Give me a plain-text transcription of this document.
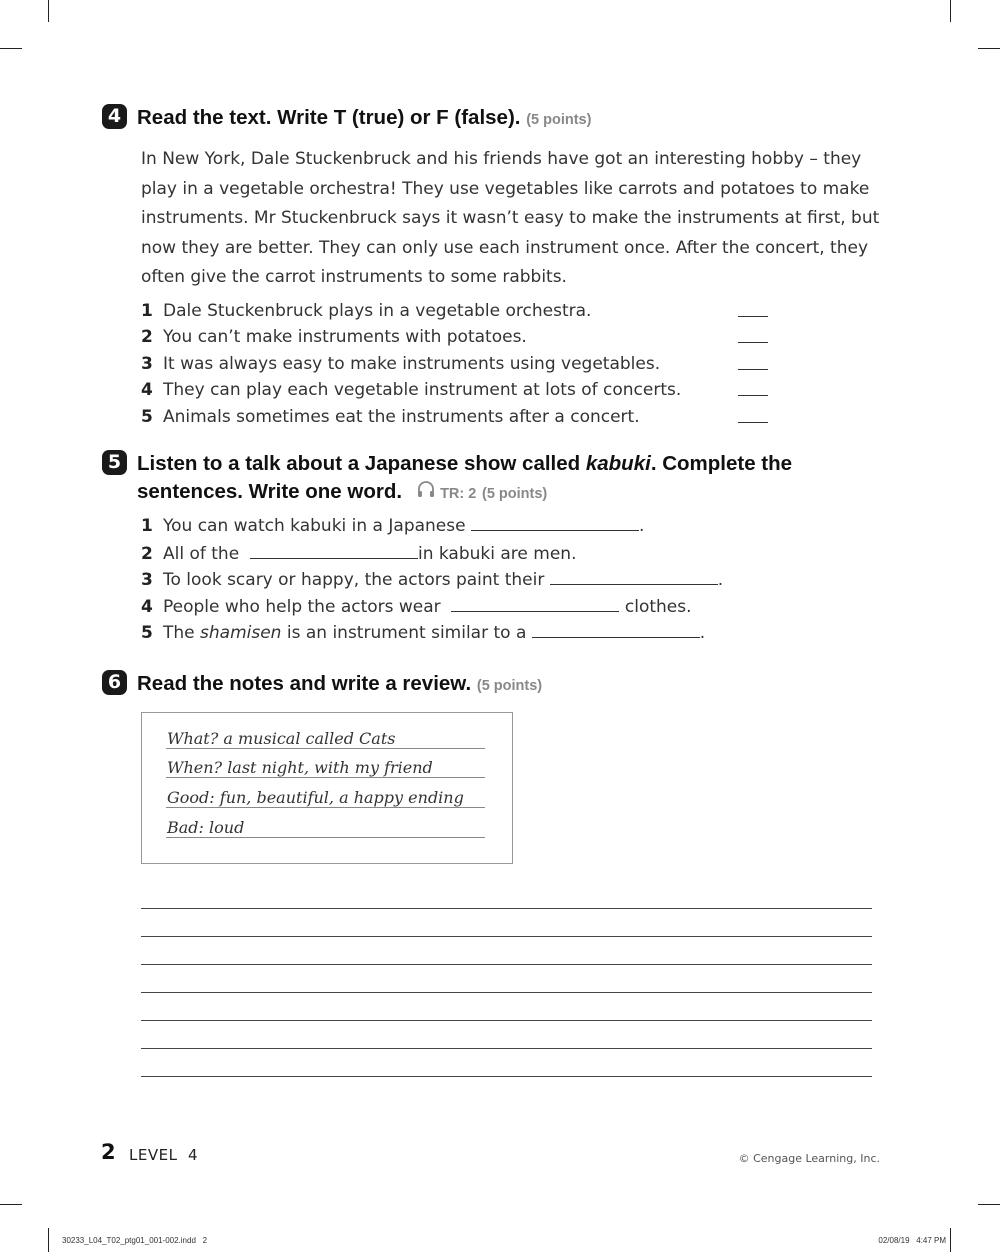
4 Read the text. Write T (true) or F (false). (5 points)

In New York, Dale Stuckenbruck and his friends have got an interesting hobby – they

play in a vegetable orchestra! They use vegetables like carrots and potatoes to make

instruments. Mr Stuckenbruck says it wasn’t easy to make the instruments at first, but

now they are better. They can only use each instrument once. After the concert, they

often give the carrot instruments to some rabbits.

1 Dale Stuckenbruck plays in a vegetable orchestra.
2 You can’t make instruments with potatoes.
3 It was always easy to make instruments using vegetables.
4 They can play each vegetable instrument at lots of concerts.
5 Animals sometimes eat the instruments after a concert.
5 Listen to a talk about a Japanese show called kabuki. Complete the
sentences. Write one word.	TR: 2 (5 points)
1 You can watch kabuki in a Japanese	.
2 All of the	in kabuki are men.
3 To look scary or happy, the actors paint their	.
4 People who help the actors wear	clothes.
5 The shamisen is an instrument similar to a	.
6 Read the notes and write a review. (5 points)
What? a musical called Cats
When? last night, with my friend
Good: fun, beautiful, a happy ending
Bad: loud
2 LEVEL  4	© Cengage Learning, Inc.
30233_L04_T02_ptg01_001-002.indd   2	02/08/19   4:47 PM
